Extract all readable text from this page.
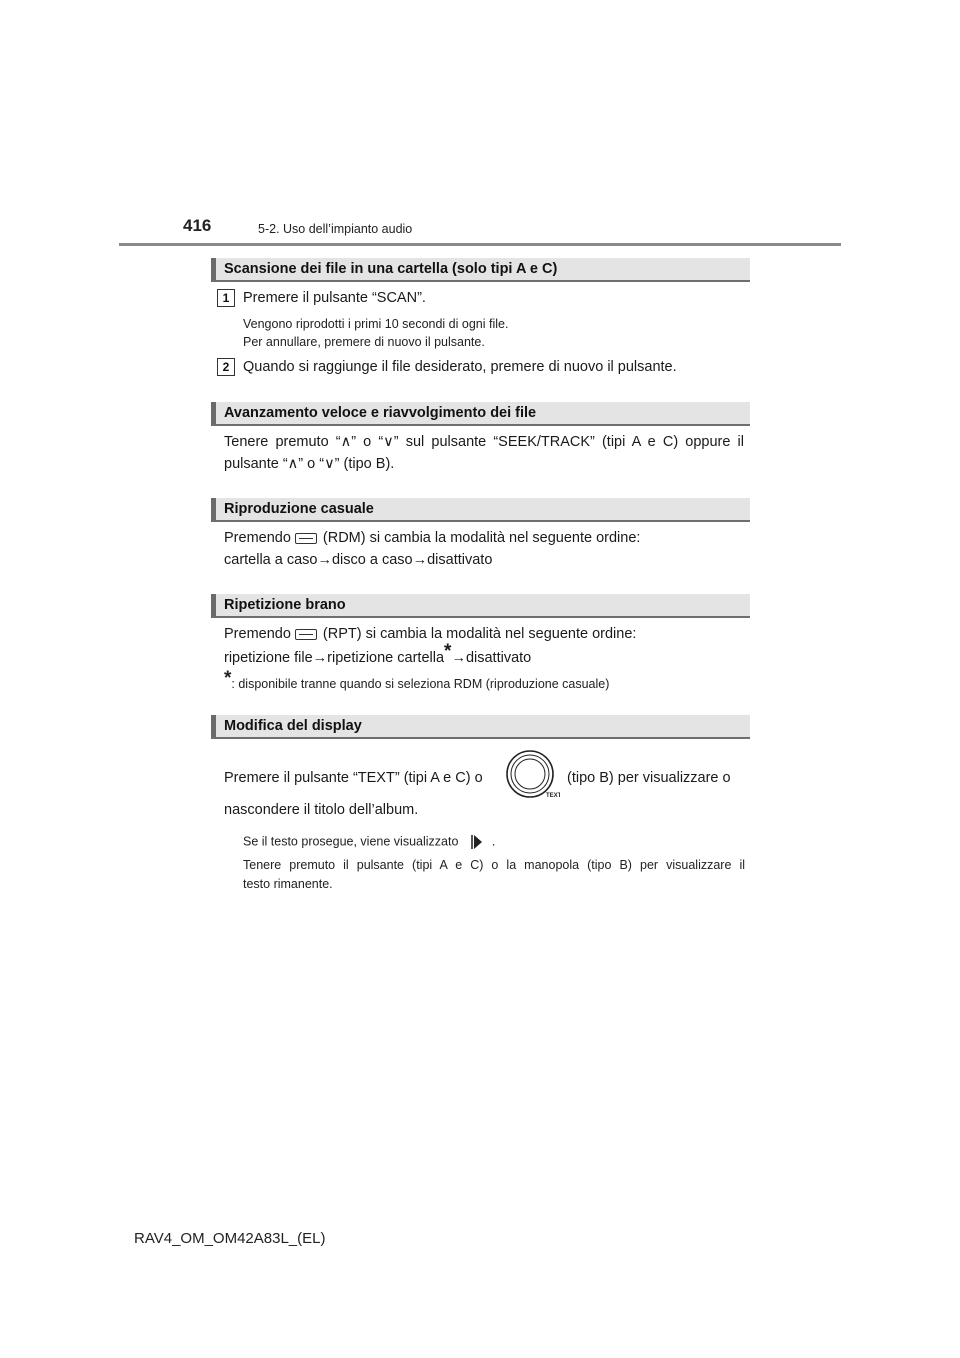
416	5-2. Uso dell’impianto audio
Scansione dei file in una cartella (solo tipi A e C)
1 Premere il pulsante “SCAN”.
Vengono riprodotti i primi 10 secondi di ogni file.
Per annullare, premere di nuovo il pulsante.
2 Quando si raggiunge il file desiderato, premere di nuovo il pulsante.
Avanzamento veloce e riavvolgimento dei file
Tenere premuto “∧” o “∨” sul pulsante “SEEK/TRACK” (tipi A e C) oppure il
pulsante “∧” o “∨” (tipo B).
Riproduzione casuale
Premendo (RDM) si cambia la modalità nel seguente ordine:
cartella a caso→disco a caso→disattivato
Ripetizione brano
Premendo (RPT) si cambia la modalità nel seguente ordine:
ripetizione file→ripetizione cartella*→disattivato
*: disponibile tranne quando si seleziona RDM (riproduzione casuale)
Modifica del display
Premere il pulsante “TEXT” (tipi A e C) o
TEXT
(tipo B) per visualizzare o
nascondere il titolo dell’album.
Se il testo prosegue, viene visualizzato	.
Tenere premuto il pulsante (tipi A e C) o la manopola (tipo B) per visualizzare il
testo rimanente.
RAV4_OM_OM42A83L_(EL)
